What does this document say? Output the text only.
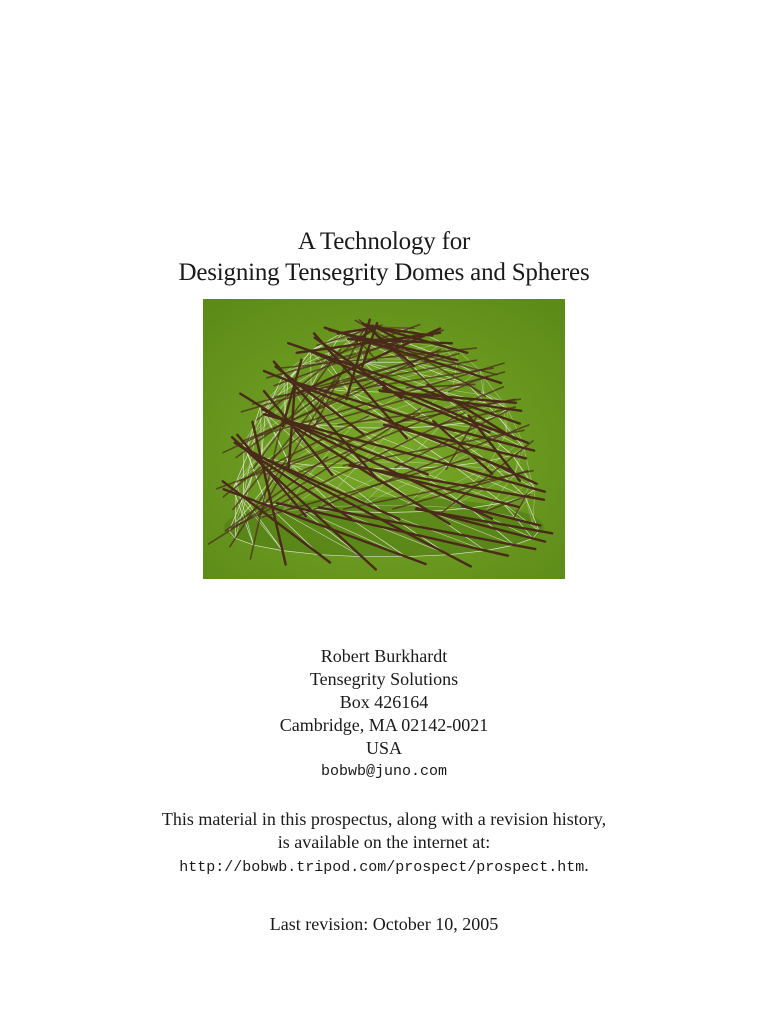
A Technology for
Designing Tensegrity Domes and Spheres
Robert Burkhardt
Tensegrity Solutions
Box 426164
Cambridge, MA 02142-0021
USA
bobwb@juno.com
This material in this prospectus, along with a revision history,
is available on the internet at:
http://bobwb.tripod.com/prospect/prospect.htm.
Last revision: October 10, 2005
